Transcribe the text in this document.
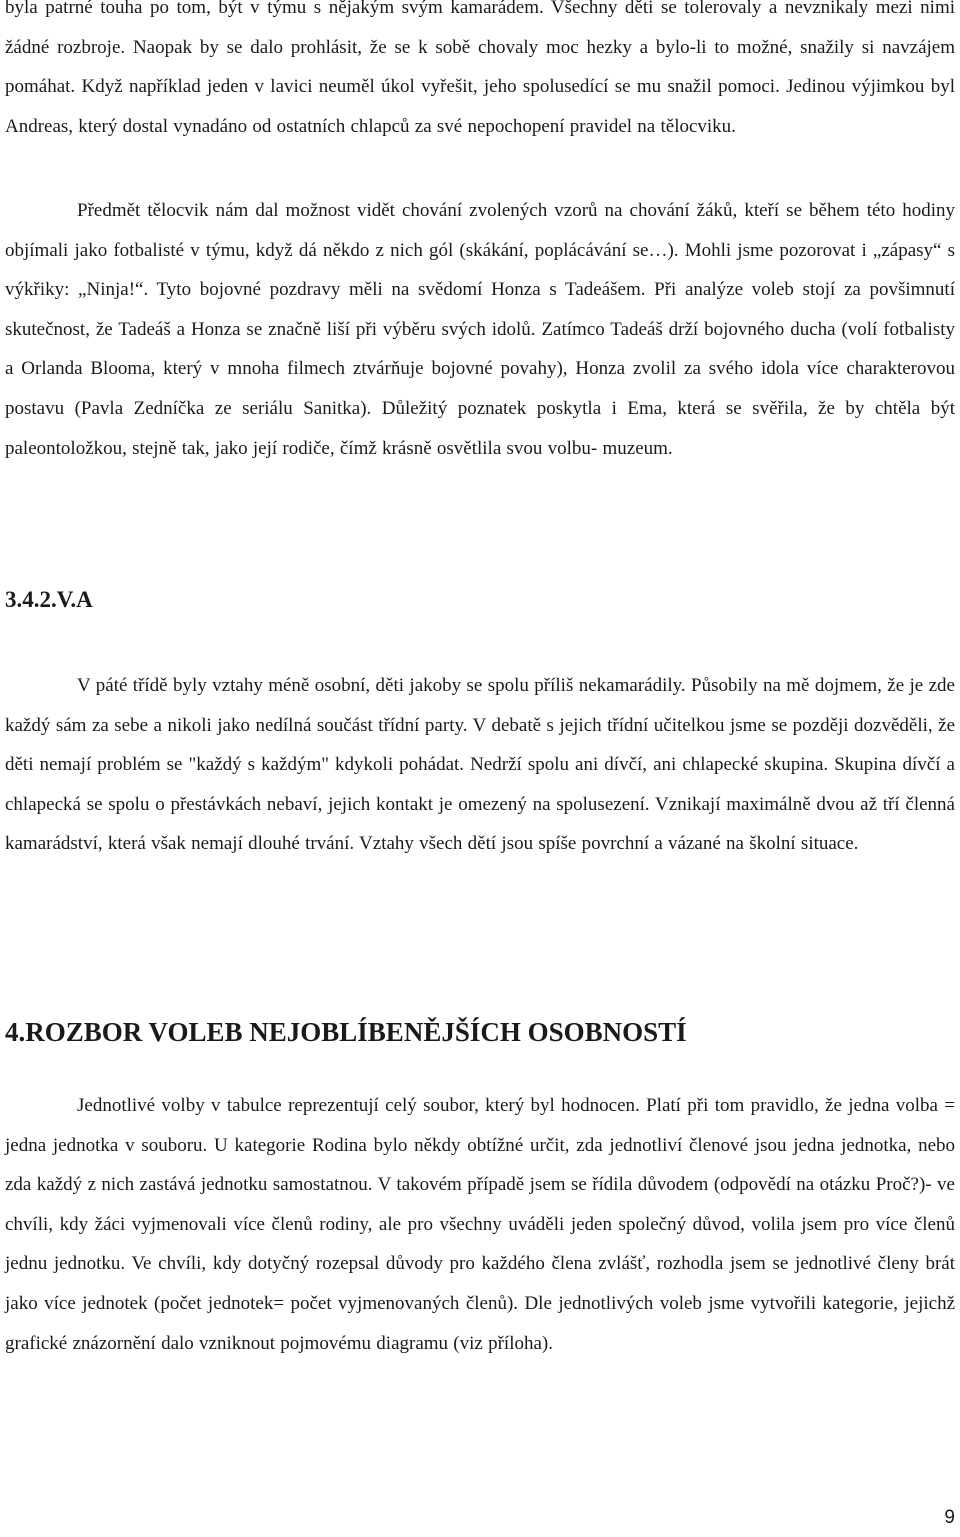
byla patrné touha po tom, být v týmu s nějakým svým kamarádem. Všechny děti se tolerovaly a nevznikaly mezi nimi žádné rozbroje. Naopak by se dalo prohlásit, že se k sobě chovaly moc hezky a bylo-li to možné, snažily si navzájem pomáhat. Když například jeden v lavici neuměl úkol vyřešit, jeho spolusedící se mu snažil pomoci. Jedinou výjimkou byl Andreas, který dostal vynadáno od ostatních chlapců za své nepochopení pravidel na tělocviku.

Předmět tělocvik nám dal možnost vidět chování zvolených vzorů na chování žáků, kteří se během této hodiny objímali jako fotbalisté v týmu, když dá někdo z nich gól (skákání, poplácávání se…). Mohli jsme pozorovat i „zápasy“ s výkřiky: „Ninja!“. Tyto bojovné pozdravy měli na svědomí Honza s Tadeášem. Při analýze voleb stojí za povšimnutí skutečnost, že Tadeáš a Honza se značně liší při výběru svých idolů. Zatímco Tadeáš drží bojovného ducha (volí fotbalisty a Orlanda Blooma, který v mnoha filmech ztvárňuje bojovné povahy), Honza zvolil za svého idola více charakterovou postavu (Pavla Zedníčka ze seriálu Sanitka). Důležitý poznatek poskytla i Ema, která se svěřila, že by chtěla být paleontoložkou, stejně tak, jako její rodiče, čímž krásně osvětlila svou volbu- muzeum.

3.4.2.V.A

V páté třídě byly vztahy méně osobní, děti jakoby se spolu příliš nekamarádily. Působily na mě dojmem, že je zde každý sám za sebe a nikoli jako nedílná součást třídní party. V debatě s jejich třídní učitelkou jsme se později dozvěděli, že děti nemají problém se "každý s každým" kdykoli pohádat. Nedrží spolu ani dívčí, ani chlapecké skupina. Skupina dívčí a chlapecká se spolu o přestávkách nebaví, jejich kontakt je omezený na spolusezení. Vznikají maximálně dvou až tří členná kamarádství, která však nemají dlouhé trvání. Vztahy všech dětí jsou spíše povrchní a vázané na školní situace.

4.ROZBOR VOLEB NEJOBLÍBENĚJŠÍCH OSOBNOSTÍ

Jednotlivé volby v tabulce reprezentují celý soubor, který byl hodnocen. Platí při tom pravidlo, že jedna volba = jedna jednotka v souboru. U kategorie Rodina bylo někdy obtížné určit, zda jednotliví členové jsou jedna jednotka, nebo zda každý z nich zastává jednotku samostatnou. V takovém případě jsem se řídila důvodem (odpovědí na otázku Proč?)- ve chvíli, kdy žáci vyjmenovali více členů rodiny, ale pro všechny uváděli jeden společný důvod, volila jsem pro více členů jednu jednotku. Ve chvíli, kdy dotyčný rozepsal důvody pro každého člena zvlášť, rozhodla jsem se jednotlivé členy brát jako více jednotek (počet jednotek= počet vyjmenovaných členů). Dle jednotlivých voleb jsme vytvořili kategorie, jejichž grafické znázornění dalo vzniknout pojmovému diagramu (viz příloha).

9
